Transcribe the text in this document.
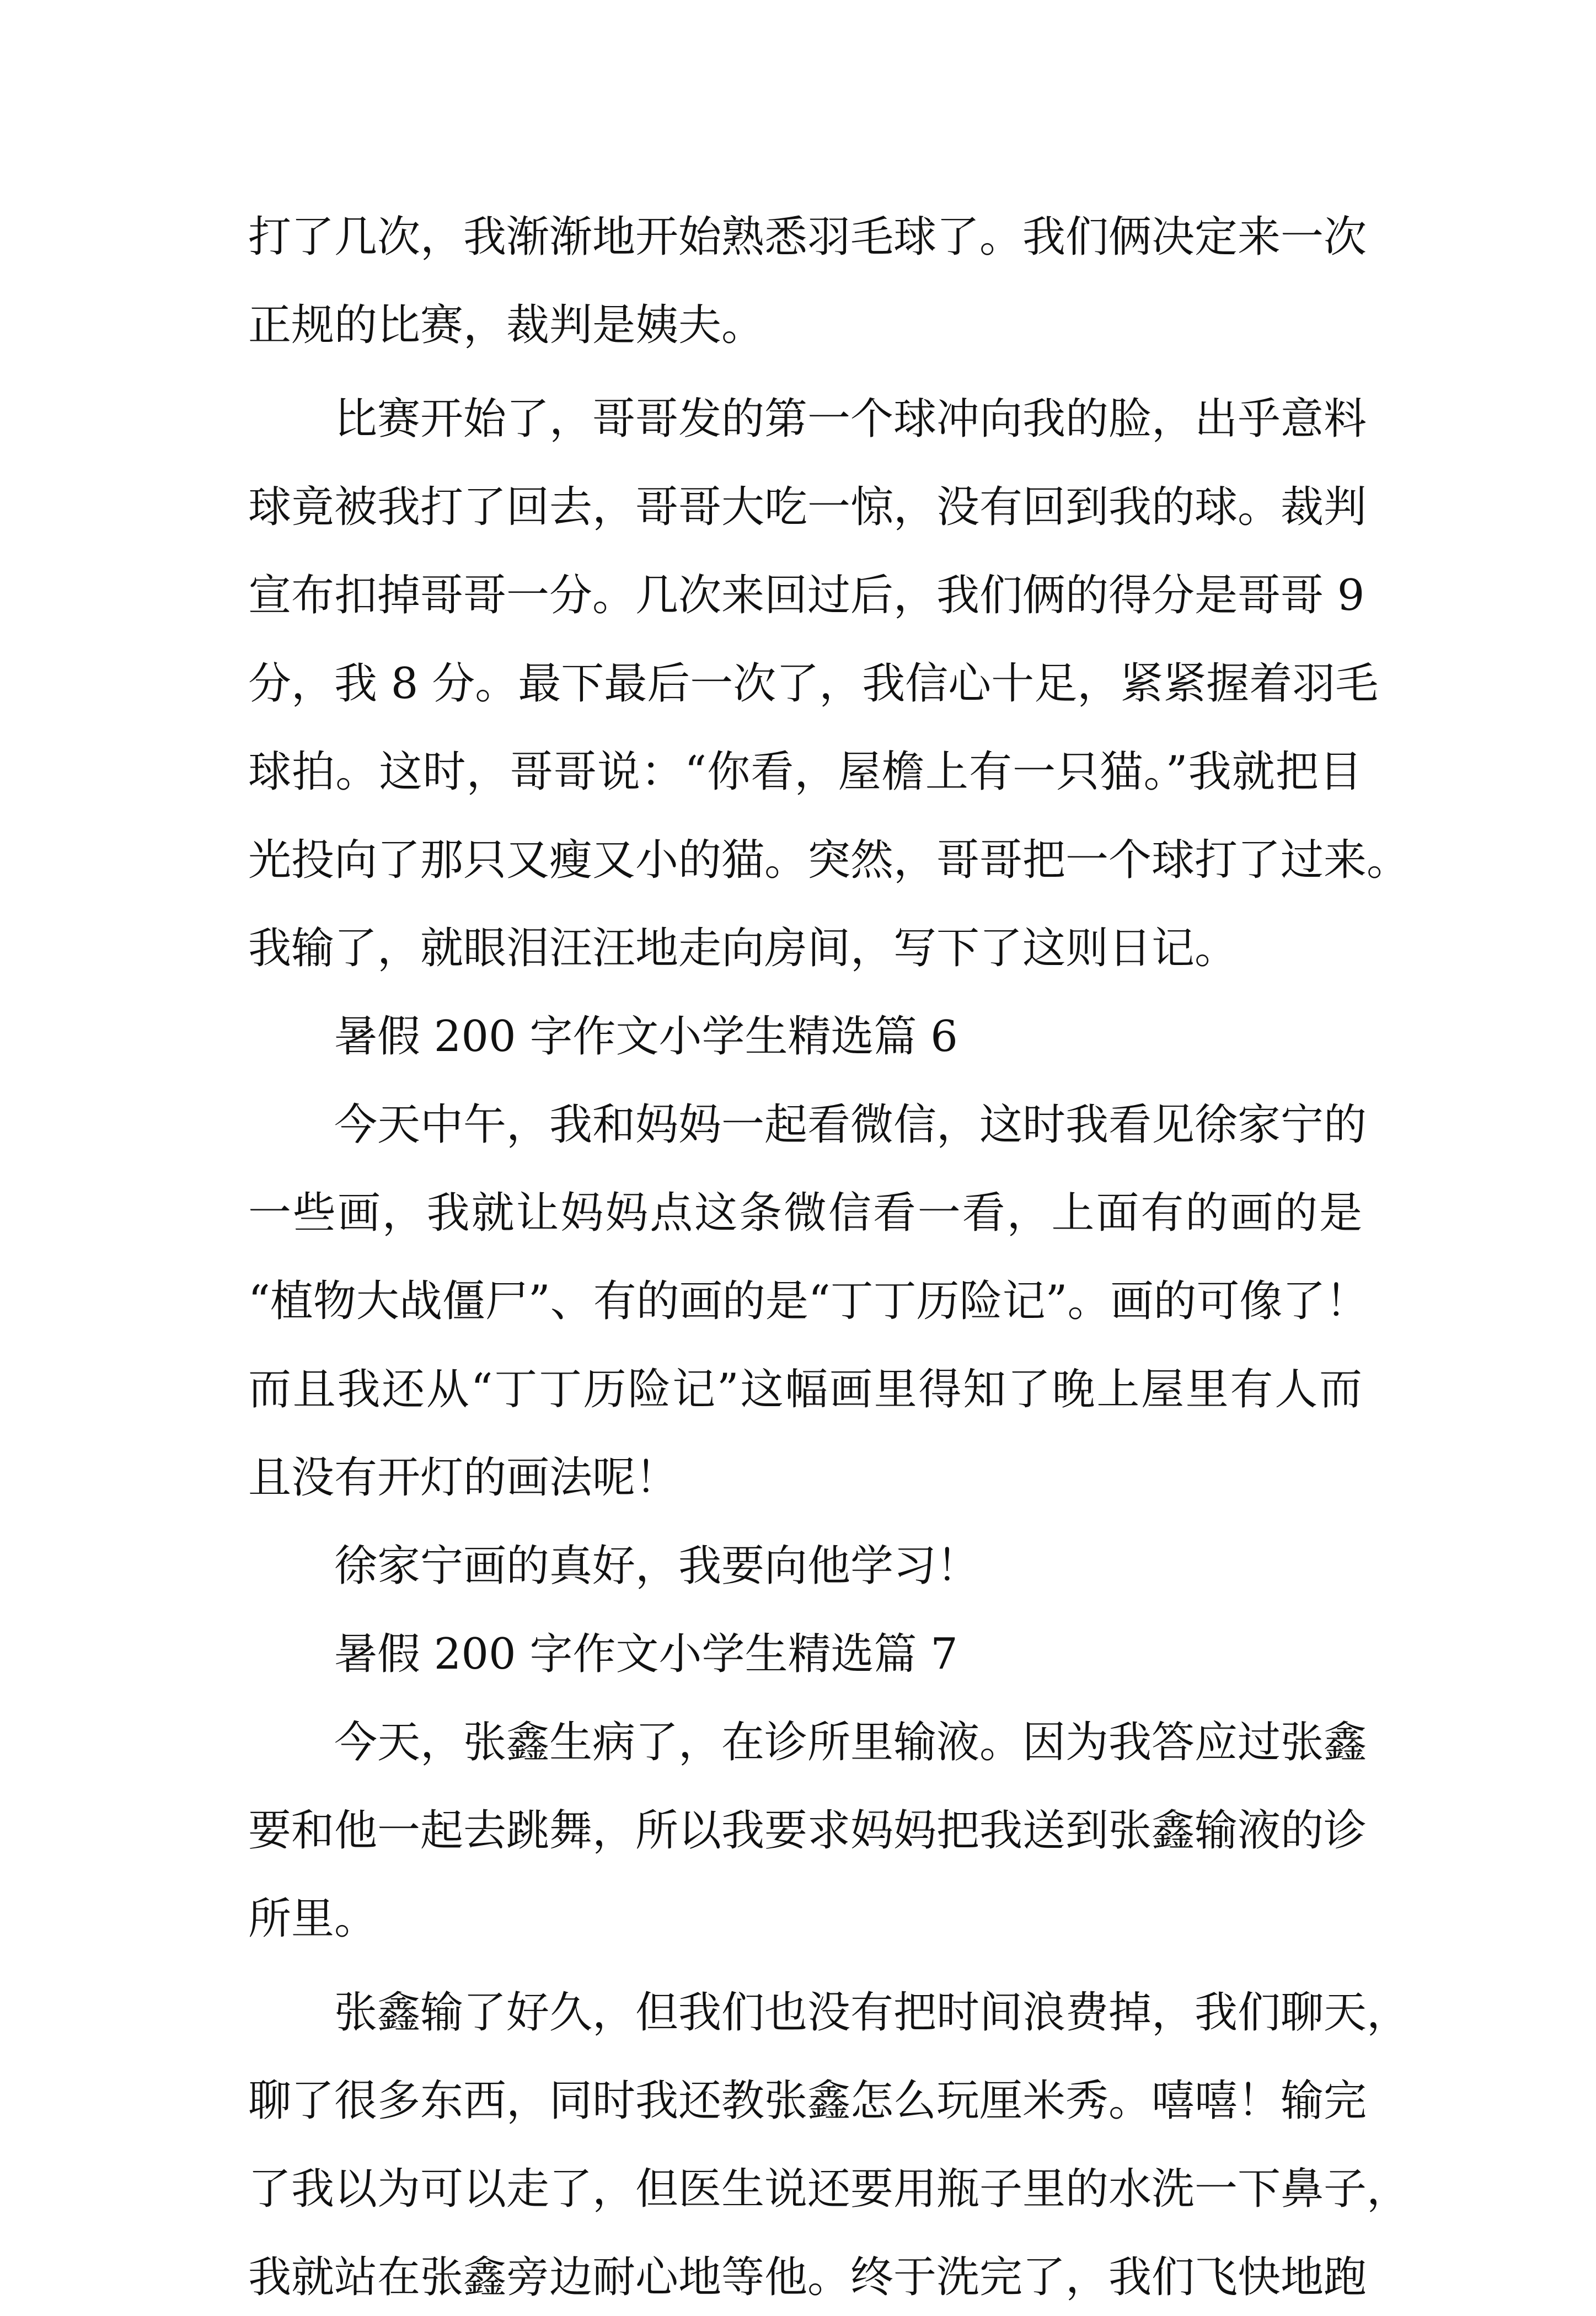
打了几次，我渐渐地开始熟悉羽毛球了。我们俩决定来一次
正规的比赛，裁判是姨夫。
比赛开始了，哥哥发的第一个球冲向我的脸，出乎意料
球竟被我打了回去，哥哥大吃一惊，没有回到我的球。裁判
宣布扣掉哥哥一分。几次来回过后，我们俩的得分是哥哥 9
分，我 8 分。最下最后一次了，我信心十足，紧紧握着羽毛
球拍。这时，哥哥说：“你看，屋檐上有一只猫。”我就把目
光投向了那只又瘦又小的猫。突然，哥哥把一个球打了过来。
我输了，就眼泪汪汪地走向房间，写下了这则日记。
暑假 200 字作文小学生精选篇 6
今天中午，我和妈妈一起看微信，这时我看见徐家宁的
一些画，我就让妈妈点这条微信看一看，上面有的画的是
“植物大战僵尸”、有的画的是“丁丁历险记”。画的可像了！
而且我还从“丁丁历险记”这幅画里得知了晚上屋里有人而
且没有开灯的画法呢！
徐家宁画的真好，我要向他学习！
暑假 200 字作文小学生精选篇 7
今天，张鑫生病了，在诊所里输液。因为我答应过张鑫
要和他一起去跳舞，所以我要求妈妈把我送到张鑫输液的诊
所里。
张鑫输了好久，但我们也没有把时间浪费掉，我们聊天，
聊了很多东西，同时我还教张鑫怎么玩厘米秀。嘻嘻！输完
了我以为可以走了，但医生说还要用瓶子里的水洗一下鼻子，
我就站在张鑫旁边耐心地等他。终于洗完了，我们飞快地跑
